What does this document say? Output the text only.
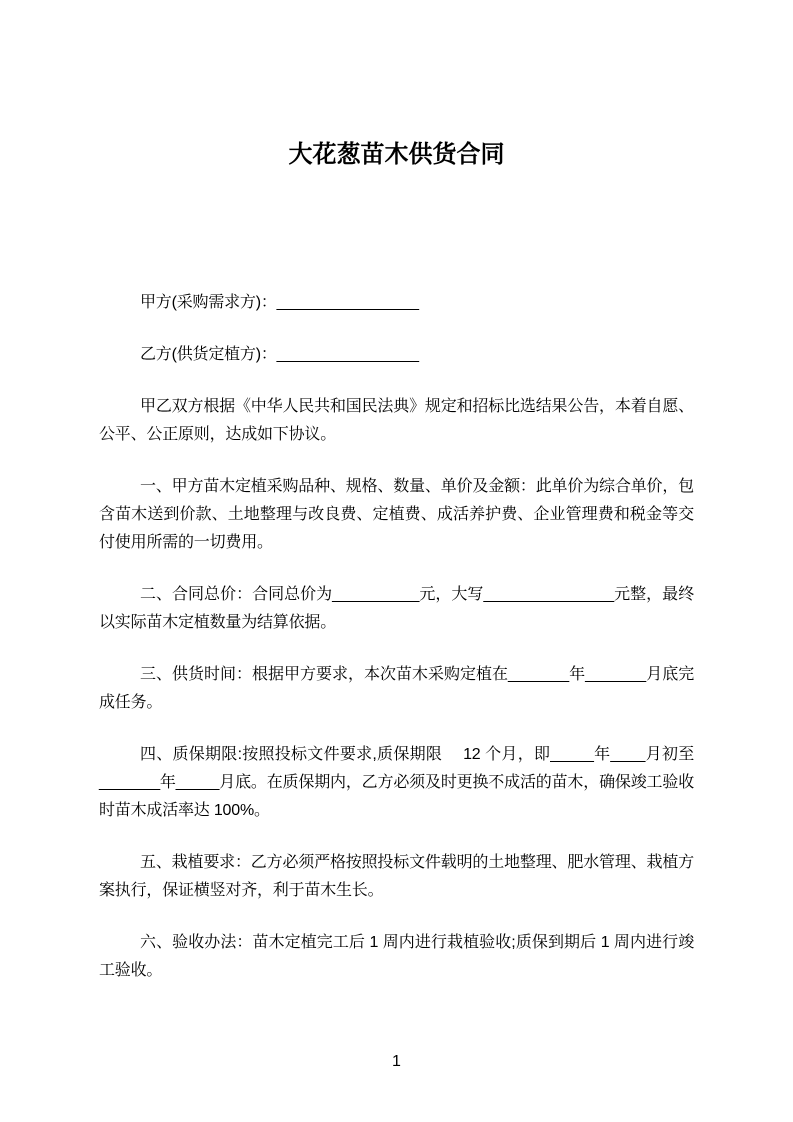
大花葱苗木供货合同

甲方(采购需求方)：________________

乙方(供货定植方)：________________

甲乙双方根据《中华人民共和国民法典》规定和招标比选结果公告，本着自愿、公平、公正原则，达成如下协议。

一、甲方苗木定植采购品种、规格、数量、单价及金额：此单价为综合单价，包含苗木送到价款、土地整理与改良费、定植费、成活养护费、企业管理费和税金等交付使用所需的一切费用。

二、合同总价：合同总价为__________元，大写_______________元整，最终以实际苗木定植数量为结算依据。

三、供货时间：根据甲方要求，本次苗木采购定植在_______年_______月底完成任务。

四、质保期限:按照投标文件要求,质保期限　 12 个月，即_____年____月初至_______年_____月底。在质保期内，乙方必须及时更换不成活的苗木，确保竣工验收时苗木成活率达 100%。

五、栽植要求：乙方必须严格按照投标文件载明的土地整理、肥水管理、栽植方案执行，保证横竖对齐，利于苗木生长。

六、验收办法：苗木定植完工后 1 周内进行栽植验收;质保到期后 1 周内进行竣工验收。

1
